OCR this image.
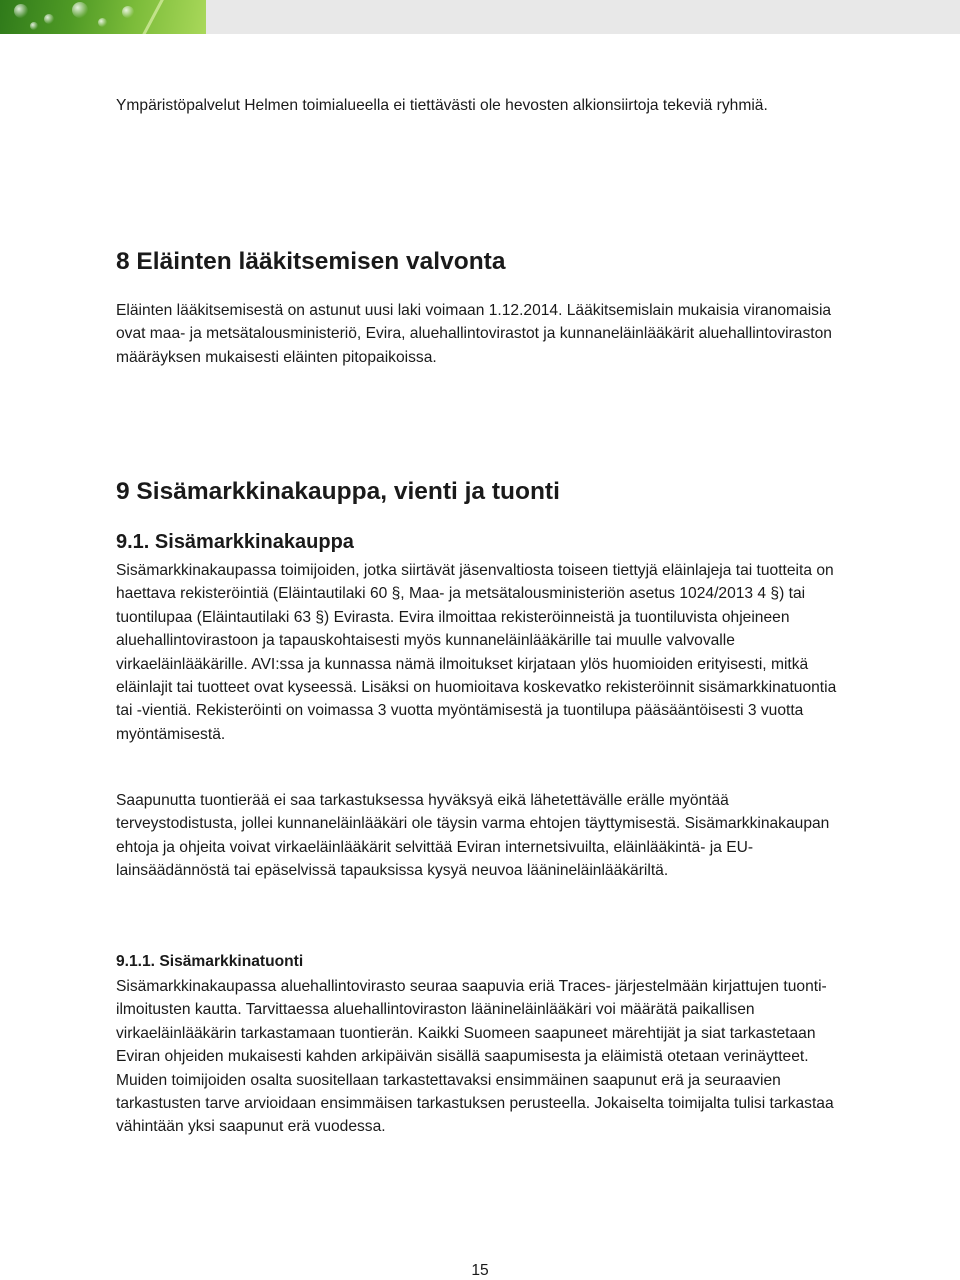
Ympäristöpalvelut Helmen toimialueella ei tiettävästi ole hevosten alkionsiirtoja tekeviä ryhmiä.

8 Eläinten lääkitsemisen valvonta

Eläinten lääkitsemisestä on astunut uusi laki voimaan 1.12.2014. Lääkitsemislain mukaisia viranomaisia ovat maa- ja metsätalousministeriö, Evira, aluehallintovirastot ja kunnaneläinlääkärit aluehallintoviraston määräyksen mukaisesti eläinten pitopaikoissa.

9 Sisämarkkinakauppa, vienti ja tuonti
9.1. Sisämarkkinakauppa

Sisämarkkinakaupassa toimijoiden, jotka siirtävät jäsenvaltiosta toiseen tiettyjä eläinlajeja tai tuotteita on haettava rekisteröintiä (Eläintautilaki 60 §, Maa- ja metsätalousministeriön asetus 1024/2013 4 §) tai tuontilupaa (Eläintautilaki 63 §) Evirasta. Evira ilmoittaa rekisteröinneistä ja tuontiluvista ohjeineen aluehallintovirastoon ja tapauskohtaisesti myös kunnaneläinlääkärille tai muulle valvovalle virkaeläinlääkärille. AVI:ssa ja kunnassa nämä ilmoitukset kirjataan ylös huomioiden erityisesti, mitkä eläinlajit tai tuotteet ovat kyseessä. Lisäksi on huomioitava koskevatko rekisteröinnit sisämarkkinatuontia tai -vientiä. Rekisteröinti on voimassa 3 vuotta myöntämisestä ja tuontilupa pääsääntöisesti 3 vuotta myöntämisestä.

Saapunutta tuontierää ei saa tarkastuksessa hyväksyä eikä lähetettävälle erälle myöntää terveystodistusta, jollei kunnaneläinlääkäri ole täysin varma ehtojen täyttymisestä. Sisämarkkinakaupan ehtoja ja ohjeita voivat virkaeläinlääkärit selvittää Eviran internetsivuilta, eläinlääkintä- ja EU-lainsäädännöstä tai epäselvissä tapauksissa kysyä neuvoa läänineläinlääkäriltä.

9.1.1. Sisämarkkinatuonti

Sisämarkkinakaupassa aluehallintovirasto seuraa saapuvia eriä Traces- järjestelmään kirjattujen tuonti-ilmoitusten kautta. Tarvittaessa aluehallintoviraston läänineläinlääkäri voi määrätä paikallisen virkaeläinlääkärin tarkastamaan tuontierän. Kaikki Suomeen saapuneet märehtijät ja siat tarkastetaan Eviran ohjeiden mukaisesti kahden arkipäivän sisällä saapumisesta ja eläimistä otetaan verinäytteet. Muiden toimijoiden osalta suositellaan tarkastettavaksi ensimmäinen saapunut erä ja seuraavien tarkastusten tarve arvioidaan ensimmäisen tarkastuksen perusteella. Jokaiselta toimijalta tulisi tarkastaa vähintään yksi saapunut erä vuodessa.

15
